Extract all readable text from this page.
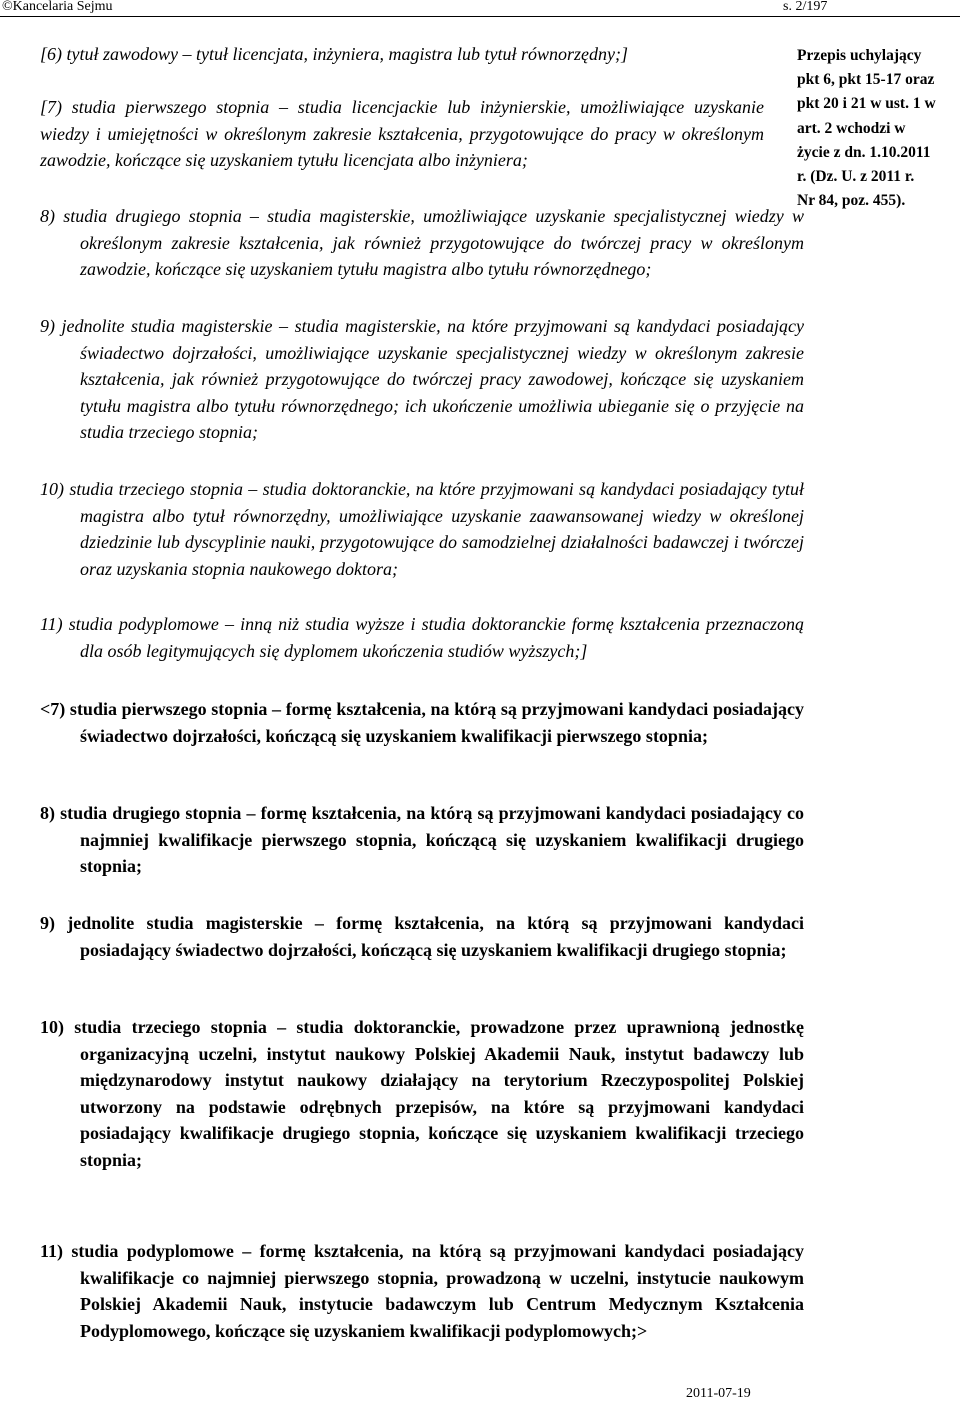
©Kancelaria Sejmu	s. 2/197
[6) tytuł zawodowy – tytuł licencjata, inżyniera, magistra lub tytuł równorzędny;]
[7) studia pierwszego stopnia – studia licencjackie lub inżynierskie, umożliwiające uzyskanie wiedzy i umiejętności w określonym zakresie kształcenia, przygotowujące do pracy w określonym zawodzie, kończące się uzyskaniem tytułu licencjata albo inżyniera;
8) studia drugiego stopnia – studia magisterskie, umożliwiające uzyskanie specjalistycznej wiedzy w określonym zakresie kształcenia, jak również przygotowujące do twórczej pracy w określonym zawodzie, kończące się uzyskaniem tytułu magistra albo tytułu równorzędnego;
9) jednolite studia magisterskie – studia magisterskie, na które przyjmowani są kandydaci posiadający świadectwo dojrzałości, umożliwiające uzyskanie specjalistycznej wiedzy w określonym zakresie kształcenia, jak również przygotowujące do twórczej pracy zawodowej, kończące się uzyskaniem tytułu magistra albo tytułu równorzędnego; ich ukończenie umożliwia ubieganie się o przyjęcie na studia trzeciego stopnia;
10) studia trzeciego stopnia – studia doktoranckie, na które przyjmowani są kandydaci posiadający tytuł magistra albo tytuł równorzędny, umożliwiające uzyskanie zaawansowanej wiedzy w określonej dziedzinie lub dyscyplinie nauki, przygotowujące do samodzielnej działalności badawczej i twórczej oraz uzyskania stopnia naukowego doktora;
11) studia podyplomowe – inną niż studia wyższe i studia doktoranckie formę kształcenia przeznaczoną dla osób legitymujących się dyplomem ukończenia studiów wyższych;]
<7) studia pierwszego stopnia – formę kształcenia, na którą są przyjmowani kandydaci posiadający świadectwo dojrzałości, kończącą się uzyskaniem kwalifikacji pierwszego stopnia;
8) studia drugiego stopnia – formę kształcenia, na którą są przyjmowani kandydaci posiadający co najmniej kwalifikacje pierwszego stopnia, kończącą się uzyskaniem kwalifikacji drugiego stopnia;
9) jednolite studia magisterskie – formę kształcenia, na którą są przyjmowani kandydaci posiadający świadectwo dojrzałości, kończącą się uzyskaniem kwalifikacji drugiego stopnia;
10) studia trzeciego stopnia – studia doktoranckie, prowadzone przez uprawnioną jednostkę organizacyjną uczelni, instytut naukowy Polskiej Akademii Nauk, instytut badawczy lub międzynarodowy instytut naukowy działający na terytorium Rzeczypospolitej Polskiej utworzony na podstawie odrębnych przepisów, na które są przyjmowani kandydaci posiadający kwalifikacje drugiego stopnia, kończące się uzyskaniem kwalifikacji trzeciego stopnia;
11) studia podyplomowe – formę kształcenia, na którą są przyjmowani kandydaci posiadający kwalifikacje co najmniej pierwszego stopnia, prowadzoną w uczelni, instytucie naukowym Polskiej Akademii Nauk, instytucie badawczym lub Centrum Medycznym Kształcenia Podyplomowego, kończące się uzyskaniem kwalifikacji podyplomowych;>
Przepis uchylający
pkt 6, pkt 15-17 oraz
pkt 20 i 21 w ust. 1 w
art. 2 wchodzi w
życie z dn. 1.10.2011
r. (Dz. U. z 2011 r.
Nr 84, poz. 455).
2011-07-19
